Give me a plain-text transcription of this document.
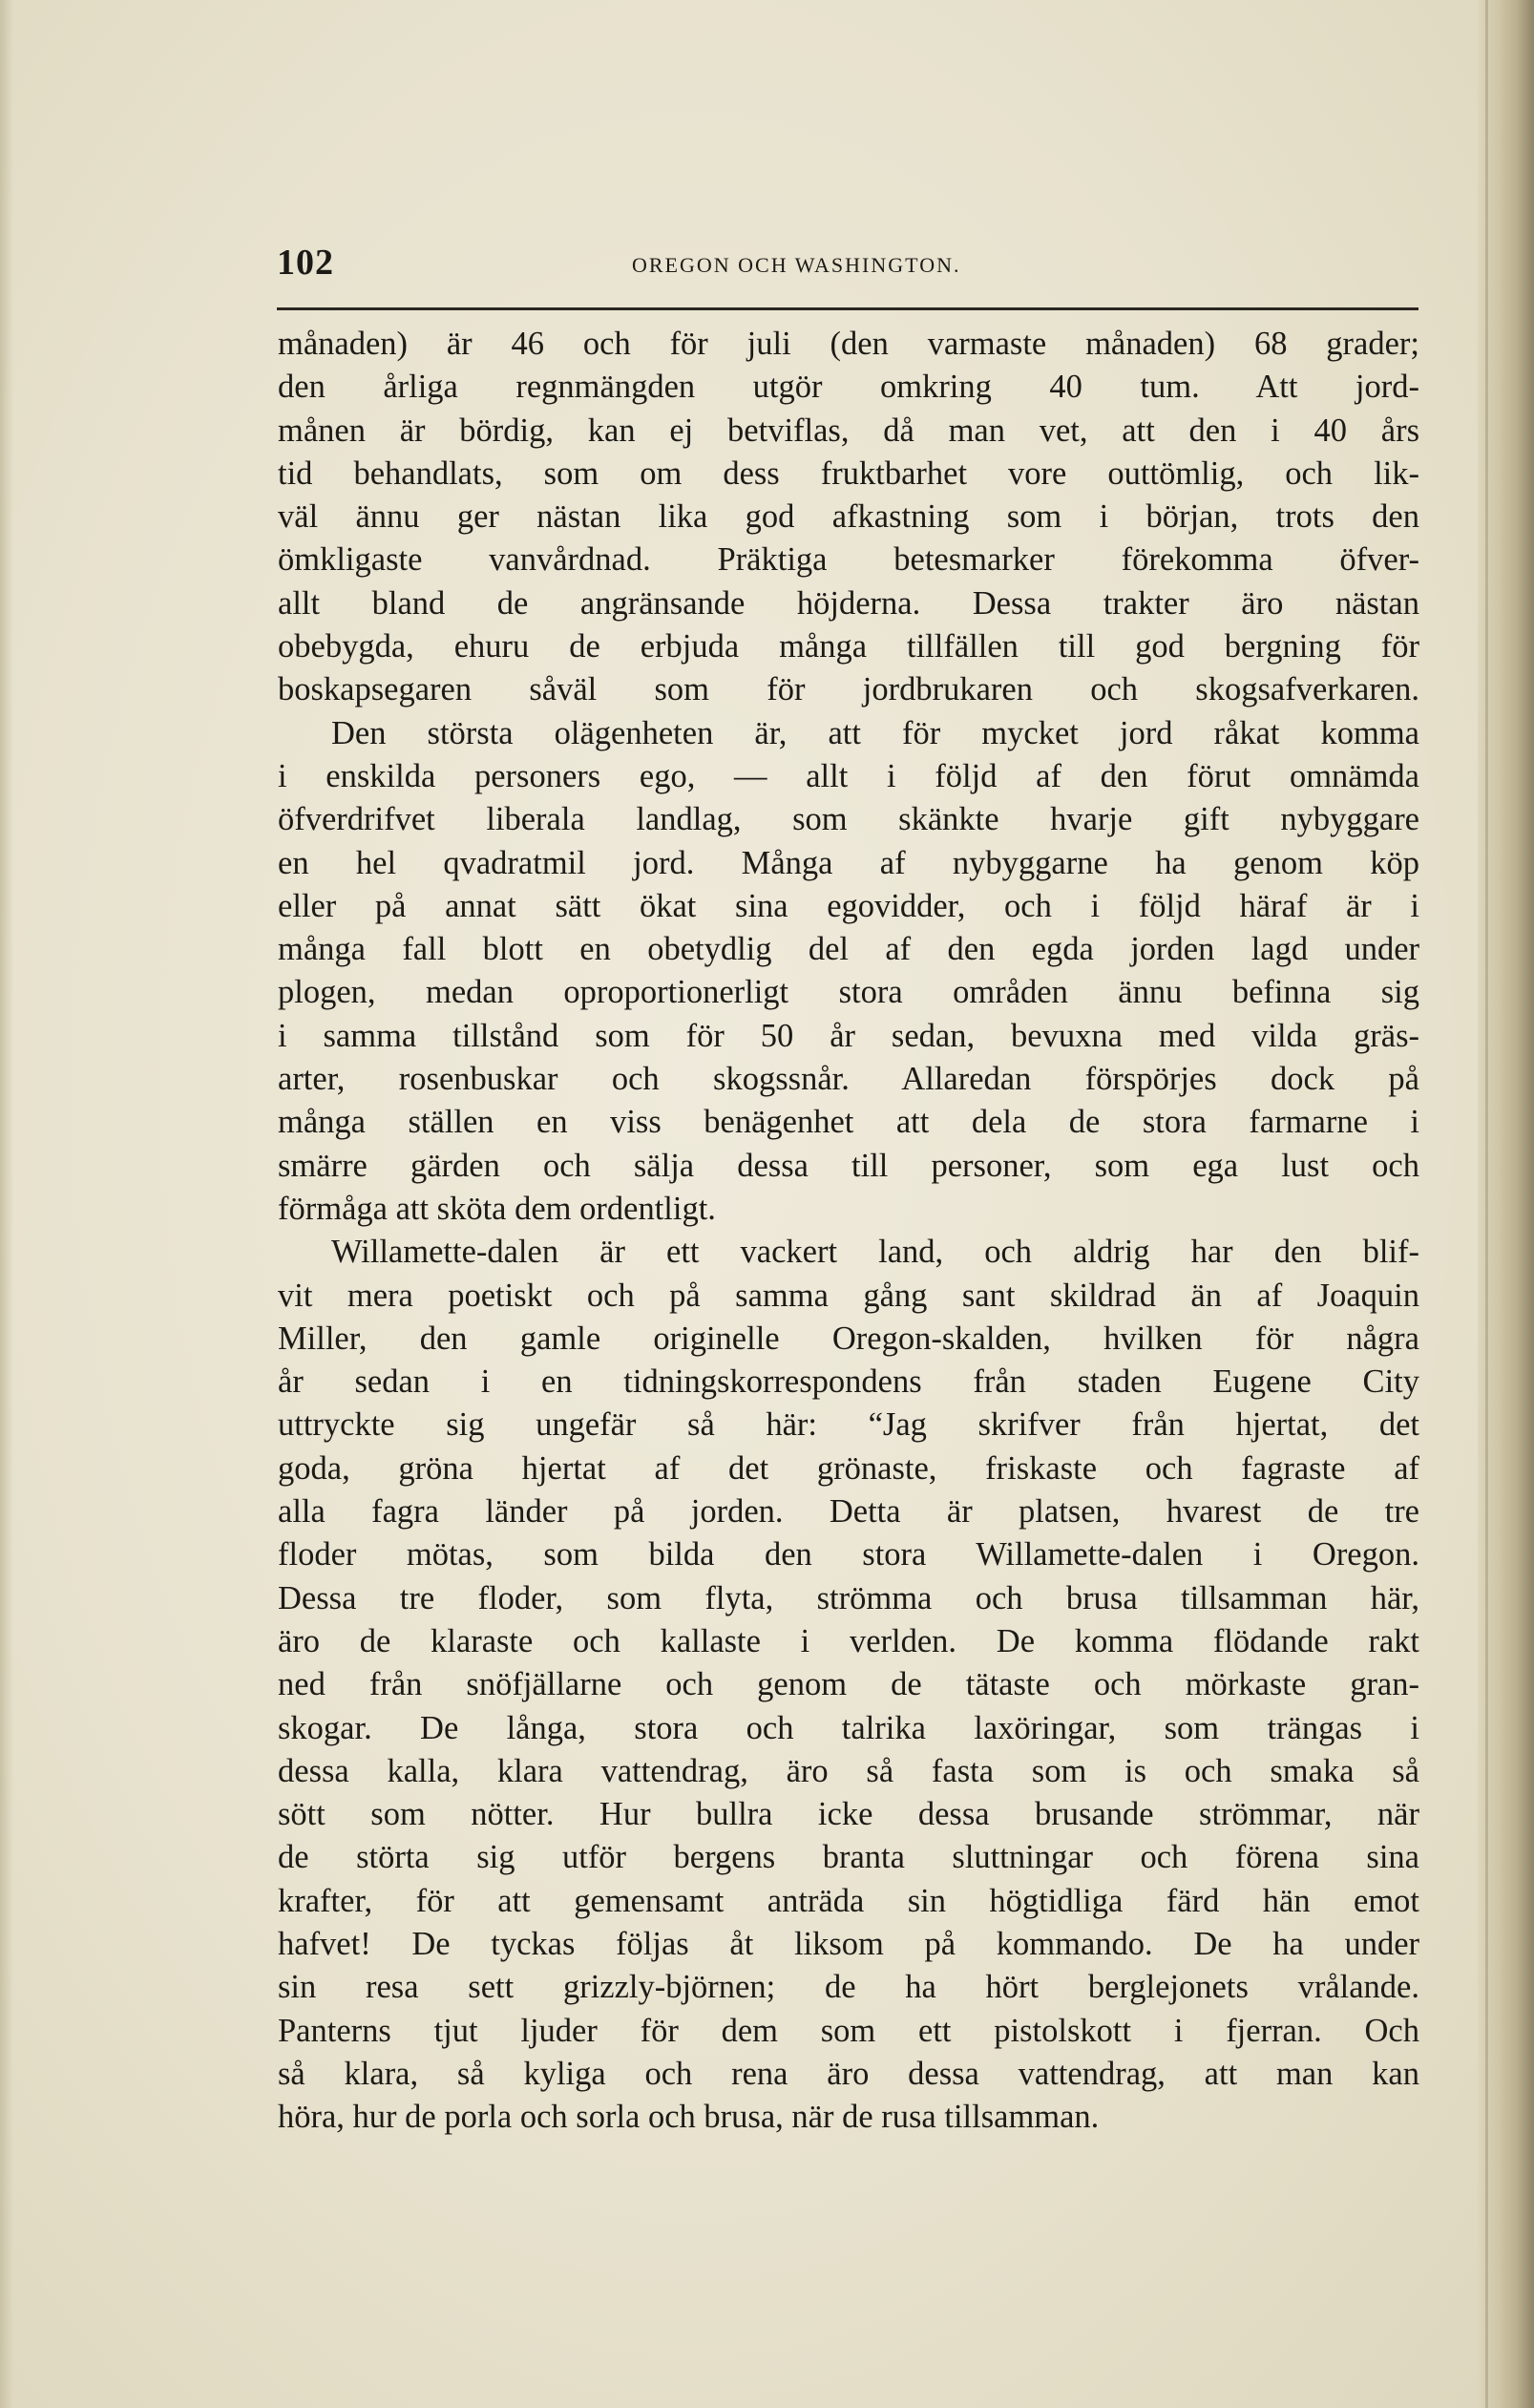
102	OREGON OCH WASHINGTON.
månaden) är 46 och för juli (den varmaste månaden) 68 grader;
den årliga regnmängden utgör omkring 40 tum. Att jord-
månen är bördig, kan ej betviflas, då man vet, att den i 40 års
tid behandlats, som om dess fruktbarhet vore outtömlig, och lik-
väl ännu ger nästan lika god afkastning som i början, trots den
ömkligaste vanvårdnad. Präktiga betesmarker förekomma öfver-
allt bland de angränsande höjderna. Dessa trakter äro nästan
obebygda, ehuru de erbjuda många tillfällen till god bergning för
boskapsegaren såväl som för jordbrukaren och skogsafverkaren.
Den största olägenheten är, att för mycket jord råkat komma
i enskilda personers ego, — allt i följd af den förut omnämda
öfverdrifvet liberala landlag, som skänkte hvarje gift nybyggare
en hel qvadratmil jord. Många af nybyggarne ha genom köp
eller på annat sätt ökat sina egovidder, och i följd häraf är i
många fall blott en obetydlig del af den egda jorden lagd under
plogen, medan oproportionerligt stora områden ännu befinna sig
i samma tillstånd som för 50 år sedan, bevuxna med vilda gräs-
arter, rosenbuskar och skogssnår. Allaredan förspörjes dock på
många ställen en viss benägenhet att dela de stora farmarne i
smärre gärden och sälja dessa till personer, som ega lust och
förmåga att sköta dem ordentligt.
Willamette-dalen är ett vackert land, och aldrig har den blif-
vit mera poetiskt och på samma gång sant skildrad än af Joaquin
Miller, den gamle originelle Oregon-skalden, hvilken för några
år sedan i en tidningskorrespondens från staden Eugene City
uttryckte sig ungefär så här: “Jag skrifver från hjertat, det
goda, gröna hjertat af det grönaste, friskaste och fagraste af
alla fagra länder på jorden. Detta är platsen, hvarest de tre
floder mötas, som bilda den stora Willamette-dalen i Oregon.
Dessa tre floder, som flyta, strömma och brusa tillsamman här,
äro de klaraste och kallaste i verlden. De komma flödande rakt
ned från snöfjällarne och genom de tätaste och mörkaste gran-
skogar. De långa, stora och talrika laxöringar, som trängas i
dessa kalla, klara vattendrag, äro så fasta som is och smaka så
sött som nötter. Hur bullra icke dessa brusande strömmar, när
de störta sig utför bergens branta sluttningar och förena sina
krafter, för att gemensamt anträda sin högtidliga färd hän emot
hafvet! De tyckas följas åt liksom på kommando. De ha under
sin resa sett grizzly-björnen; de ha hört berglejonets vrålande.
Panterns tjut ljuder för dem som ett pistolskott i fjerran. Och
så klara, så kyliga och rena äro dessa vattendrag, att man kan
höra, hur de porla och sorla och brusa, när de rusa tillsamman.
